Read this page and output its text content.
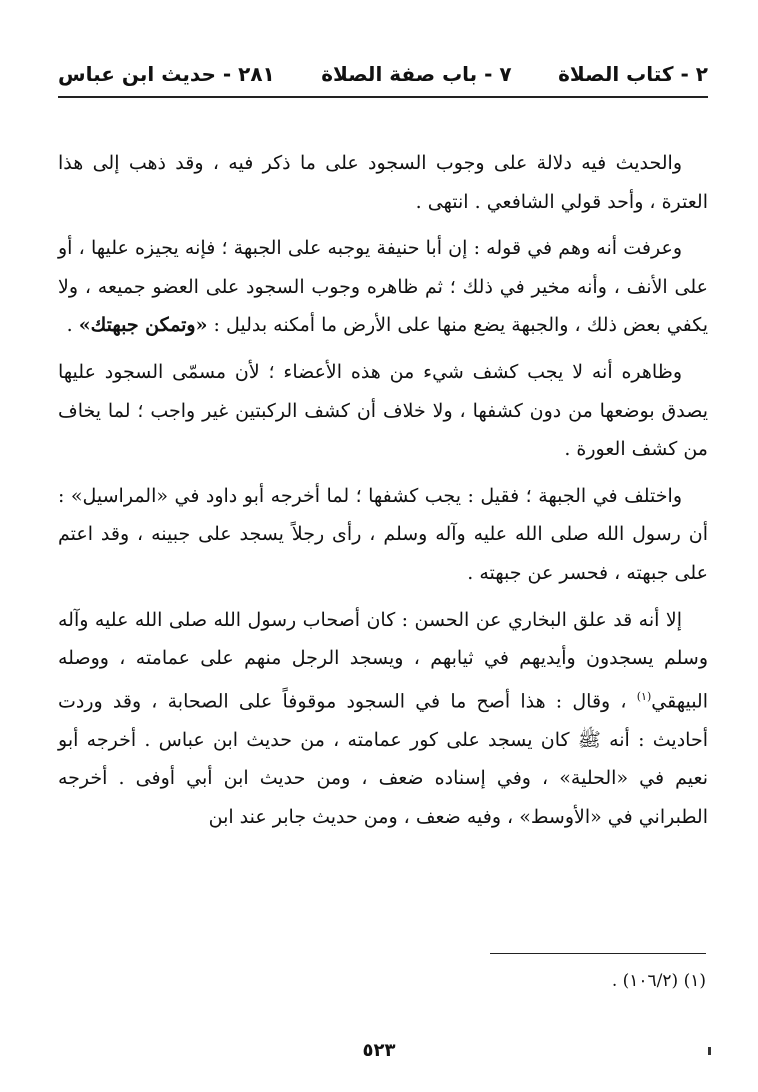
٢ - كتاب الصلاة
٧ - باب صفة الصلاة
٢٨١ - حديث ابن عباس

والحديث فيه دلالة على وجوب السجود على ما ذكر فيه ، وقد ذهب إلى هذا العترة ، وأحد قولي الشافعي . انتهى .

وعرفت أنه وهم في قوله : إن أبا حنيفة يوجبه على الجبهة ؛ فإنه يجيزه عليها ، أو على الأنف ، وأنه مخير في ذلك ؛ ثم ظاهره وجوب السجود على العضو جميعه ، ولا يكفي بعض ذلك ، والجبهة يضع منها على الأرض ما أمكنه بدليل : «وتمكن جبهتك» .

وظاهره أنه لا يجب كشف شيء من هذه الأعضاء ؛ لأن مسمّى السجود عليها يصدق بوضعها من دون كشفها ، ولا خلاف أن كشف الركبتين غير واجب ؛ لما يخاف من كشف العورة .

واختلف في الجبهة ؛ فقيل : يجب كشفها ؛ لما أخرجه أبو داود في «المراسيل» : أن رسول الله صلى الله عليه وآله وسلم ، رأى رجلاً يسجد على جبينه ، وقد اعتم على جبهته ، فحسر عن جبهته .

إلا أنه قد علق البخاري عن الحسن : كان أصحاب رسول الله صلى الله عليه وآله وسلم يسجدون وأيديهم في ثيابهم ، ويسجد الرجل منهم على عمامته ، ووصله البيهقي$^{(١)}$ ، وقال : هذا أصح ما في السجود موقوفاً على الصحابة ، وقد وردت أحاديث : أنه ﷺ كان يسجد على كور عمامته ، من حديث ابن عباس . أخرجه أبو نعيم في «الحلية» ، وفي إسناده ضعف ، ومن حديث ابن أبي أوفى . أخرجه الطبراني في «الأوسط» ، وفيه ضعف ، ومن حديث جابر عند ابن

(١) (١٠٦/٢) .
٥٢٣
